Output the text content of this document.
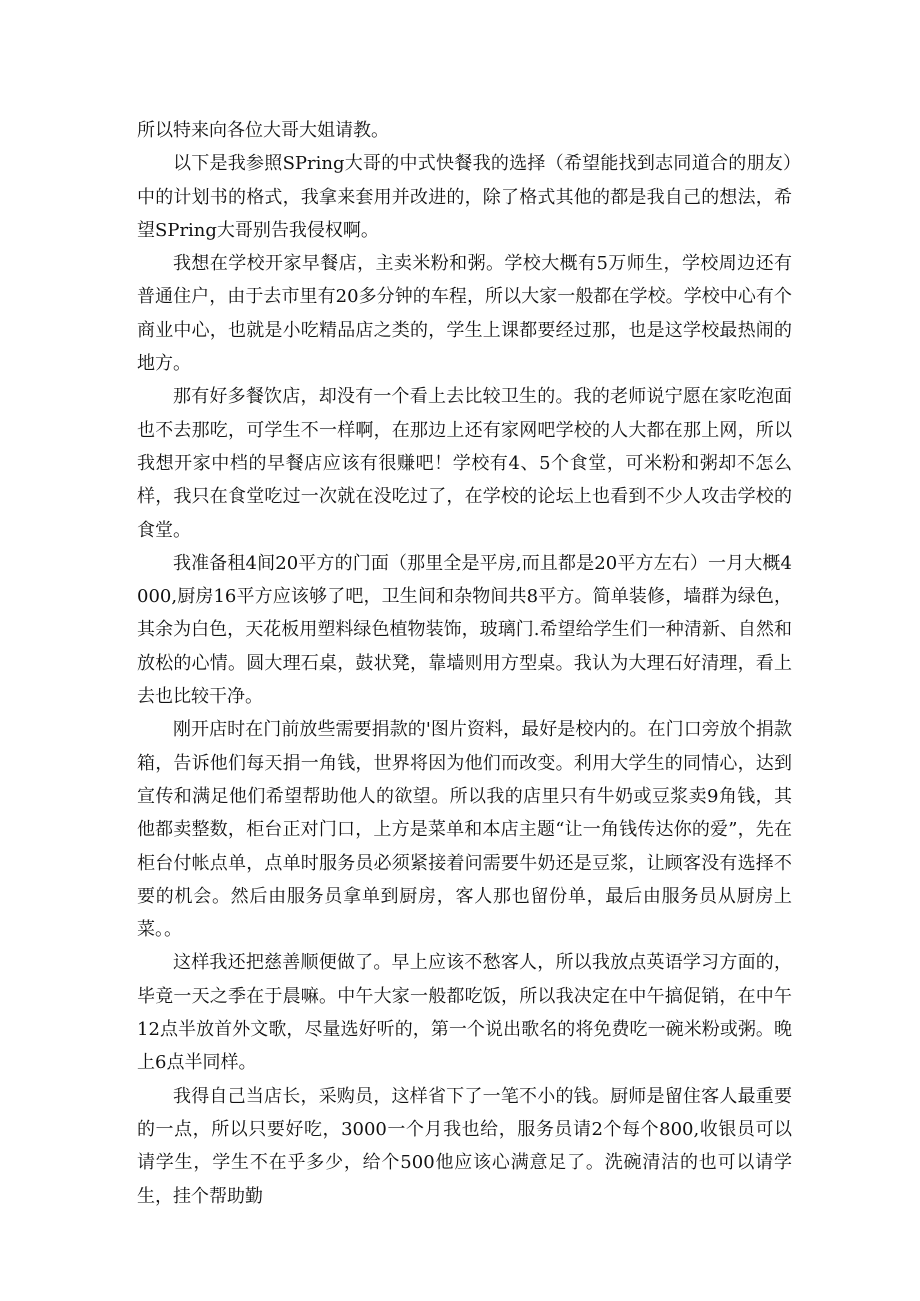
所以特来向各位大哥大姐请教。

以下是我参照SPring大哥的中式快餐我的选择（希望能找到志同道合的朋友）中的计划书的格式，我拿来套用并改进的，除了格式其他的都是我自己的想法，希望SPring大哥别告我侵权啊。

我想在学校开家早餐店，主卖米粉和粥。学校大概有5万师生，学校周边还有普通住户，由于去市里有20多分钟的车程，所以大家一般都在学校。学校中心有个商业中心，也就是小吃精品店之类的，学生上课都要经过那，也是这学校最热闹的地方。

那有好多餐饮店，却没有一个看上去比较卫生的。我的老师说宁愿在家吃泡面也不去那吃，可学生不一样啊，在那边上还有家网吧学校的人大都在那上网，所以我想开家中档的早餐店应该有很赚吧！学校有4、5个食堂，可米粉和粥却不怎么样，我只在食堂吃过一次就在没吃过了，在学校的论坛上也看到不少人攻击学校的食堂。

我准备租4间20平方的门面（那里全是平房,而且都是20平方左右）一月大概4000,厨房16平方应该够了吧，卫生间和杂物间共8平方。简单装修，墙群为绿色，其余为白色，天花板用塑料绿色植物装饰，玻璃门.希望给学生们一种清新、自然和放松的心情。圆大理石桌，鼓状凳，靠墙则用方型桌。我认为大理石好清理，看上去也比较干净。

刚开店时在门前放些需要捐款的'图片资料，最好是校内的。在门口旁放个捐款箱，告诉他们每天捐一角钱，世界将因为他们而改变。利用大学生的同情心，达到宣传和满足他们希望帮助他人的欲望。所以我的店里只有牛奶或豆浆卖9角钱，其他都卖整数，柜台正对门口，上方是菜单和本店主题“让一角钱传达你的爱”，先在柜台付帐点单，点单时服务员必须紧接着问需要牛奶还是豆浆，让顾客没有选择不要的机会。然后由服务员拿单到厨房，客人那也留份单，最后由服务员从厨房上菜。。

这样我还把慈善顺便做了。早上应该不愁客人，所以我放点英语学习方面的，毕竟一天之季在于晨嘛。中午大家一般都吃饭，所以我决定在中午搞促销，在中午12点半放首外文歌，尽量选好听的，第一个说出歌名的将免费吃一碗米粉或粥。晚上6点半同样。

我得自己当店长，采购员，这样省下了一笔不小的钱。厨师是留住客人最重要的一点，所以只要好吃，3000一个月我也给，服务员请2个每个800,收银员可以请学生，学生不在乎多少，给个500他应该心满意足了。洗碗清洁的也可以请学生，挂个帮助勤
